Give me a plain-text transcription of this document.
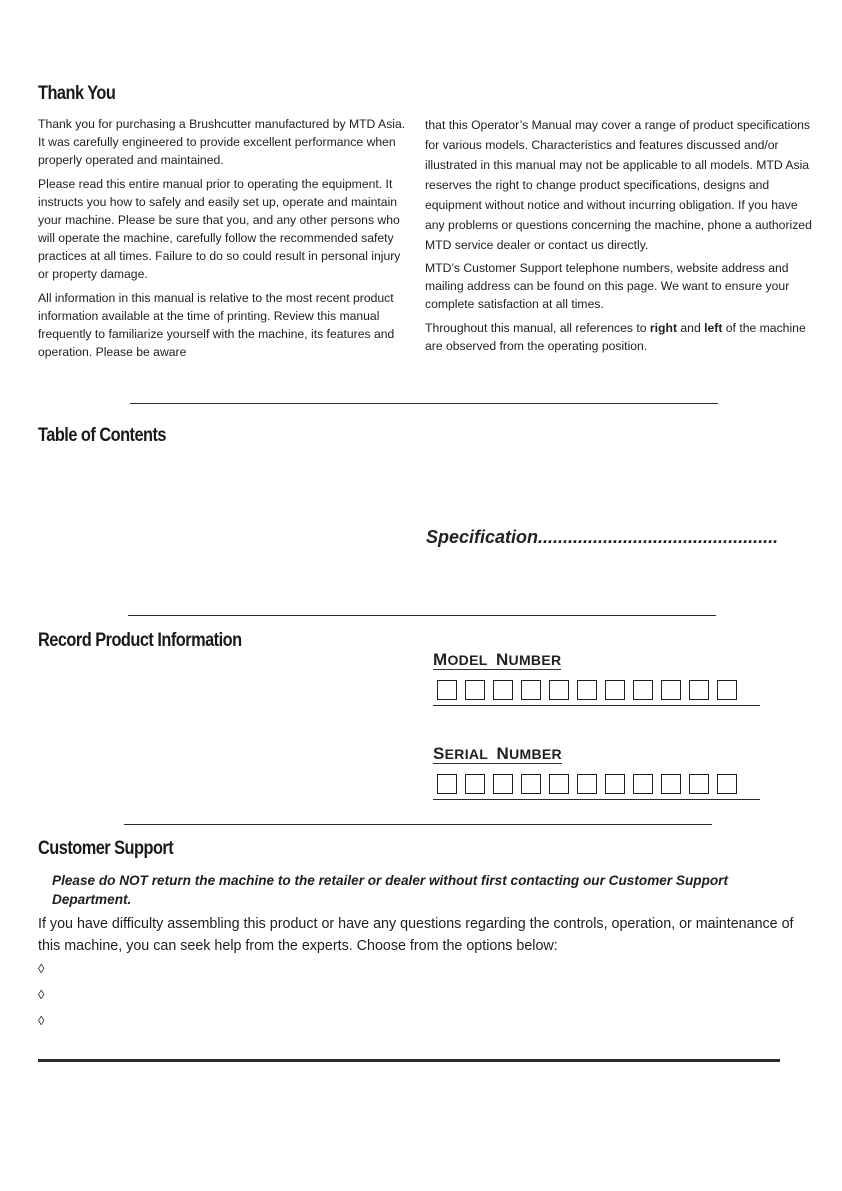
Thank You

Thank you for purchasing a Brushcutter manufactured by MTD Asia. It was carefully engineered to provide excellent performance when properly operated and maintained.

Please read this entire manual prior to operating the equipment. It instructs you how to safely and easily set up, operate and maintain your machine. Please be sure that you, and any other persons who will operate the machine, carefully follow the recommended safety practices at all times. Failure to do so could result in personal injury or property damage.

All information in this manual is relative to the most recent product information available at the time of printing. Review this manual frequently to familiarize yourself with the machine, its features and operation. Please be aware

that this Operator’s Manual may cover a range of product specifications for various models. Characteristics and features discussed and/or illustrated in this manual may not be applicable to all models. MTD Asia reserves the right to change product specifications, designs and equipment without notice and without incurring obligation. If you have any problems or questions concerning the machine, phone a authorized MTD service dealer or contact us directly.

MTD’s Customer Support telephone numbers, website address and mailing address can be found on this page. We want to ensure your complete satisfaction at all times.

Throughout this manual, all references to right and left of the machine are observed from the operating position.

Table of Contents
Specification................................................
Record Product Information
MODEL NUMBER
SERIAL NUMBER
Customer Support
Please do NOT return the machine to the retailer or dealer without first contacting our Customer Support Department.
If you have difficulty assembling this product or have any questions regarding the controls, operation, or maintenance of this machine, you can seek help from the experts. Choose from the options below:
◊
◊
◊
